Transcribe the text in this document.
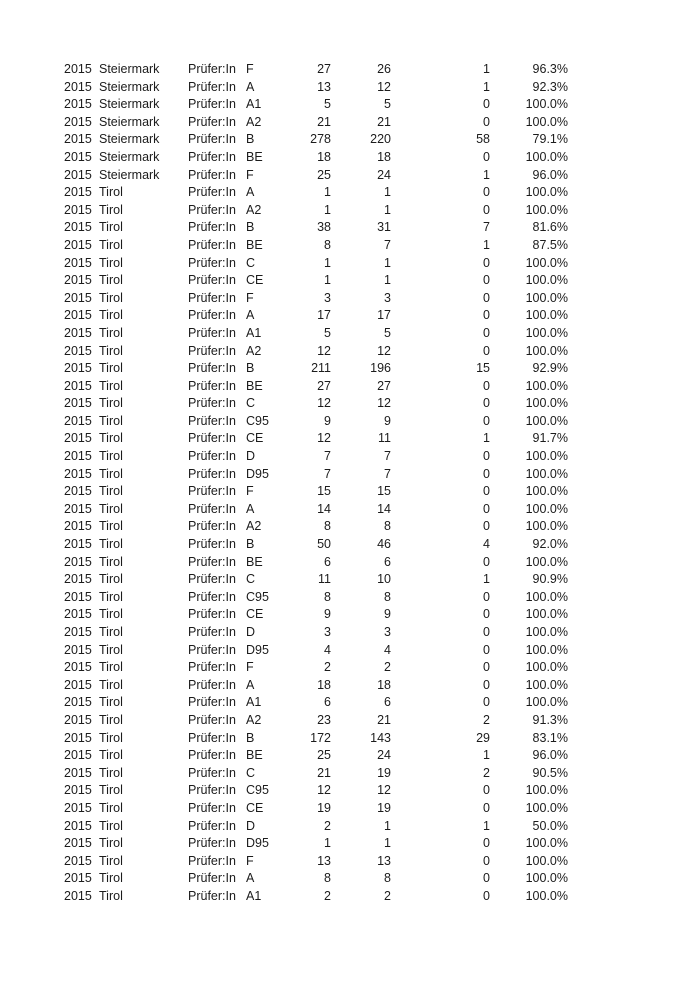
2015 Steiermark	Prüfer:In F	27	26	1	96.3%
2015 Steiermark	Prüfer:In A	13	12	1	92.3%
2015 Steiermark	Prüfer:In A1	5	5	0	100.0%
2015 Steiermark	Prüfer:In A2	21	21	0	100.0%
2015 Steiermark	Prüfer:In B	278	220	58	79.1%
2015 Steiermark	Prüfer:In BE	18	18	0	100.0%
2015 Steiermark	Prüfer:In F	25	24	1	96.0%
2015 Tirol	Prüfer:In A	1	1	0	100.0%
2015 Tirol	Prüfer:In A2	1	1	0	100.0%
2015 Tirol	Prüfer:In B	38	31	7	81.6%
2015 Tirol	Prüfer:In BE	8	7	1	87.5%
2015 Tirol	Prüfer:In C	1	1	0	100.0%
2015 Tirol	Prüfer:In CE	1	1	0	100.0%
2015 Tirol	Prüfer:In F	3	3	0	100.0%
2015 Tirol	Prüfer:In A	17	17	0	100.0%
2015 Tirol	Prüfer:In A1	5	5	0	100.0%
2015 Tirol	Prüfer:In A2	12	12	0	100.0%
2015 Tirol	Prüfer:In B	211	196	15	92.9%
2015 Tirol	Prüfer:In BE	27	27	0	100.0%
2015 Tirol	Prüfer:In C	12	12	0	100.0%
2015 Tirol	Prüfer:In C95	9	9	0	100.0%
2015 Tirol	Prüfer:In CE	12	11	1	91.7%
2015 Tirol	Prüfer:In D	7	7	0	100.0%
2015 Tirol	Prüfer:In D95	7	7	0	100.0%
2015 Tirol	Prüfer:In F	15	15	0	100.0%
2015 Tirol	Prüfer:In A	14	14	0	100.0%
2015 Tirol	Prüfer:In A2	8	8	0	100.0%
2015 Tirol	Prüfer:In B	50	46	4	92.0%
2015 Tirol	Prüfer:In BE	6	6	0	100.0%
2015 Tirol	Prüfer:In C	11	10	1	90.9%
2015 Tirol	Prüfer:In C95	8	8	0	100.0%
2015 Tirol	Prüfer:In CE	9	9	0	100.0%
2015 Tirol	Prüfer:In D	3	3	0	100.0%
2015 Tirol	Prüfer:In D95	4	4	0	100.0%
2015 Tirol	Prüfer:In F	2	2	0	100.0%
2015 Tirol	Prüfer:In A	18	18	0	100.0%
2015 Tirol	Prüfer:In A1	6	6	0	100.0%
2015 Tirol	Prüfer:In A2	23	21	2	91.3%
2015 Tirol	Prüfer:In B	172	143	29	83.1%
2015 Tirol	Prüfer:In BE	25	24	1	96.0%
2015 Tirol	Prüfer:In C	21	19	2	90.5%
2015 Tirol	Prüfer:In C95	12	12	0	100.0%
2015 Tirol	Prüfer:In CE	19	19	0	100.0%
2015 Tirol	Prüfer:In D	2	1	1	50.0%
2015 Tirol	Prüfer:In D95	1	1	0	100.0%
2015 Tirol	Prüfer:In F	13	13	0	100.0%
2015 Tirol	Prüfer:In A	8	8	0	100.0%
2015 Tirol	Prüfer:In A1	2	2	0	100.0%
